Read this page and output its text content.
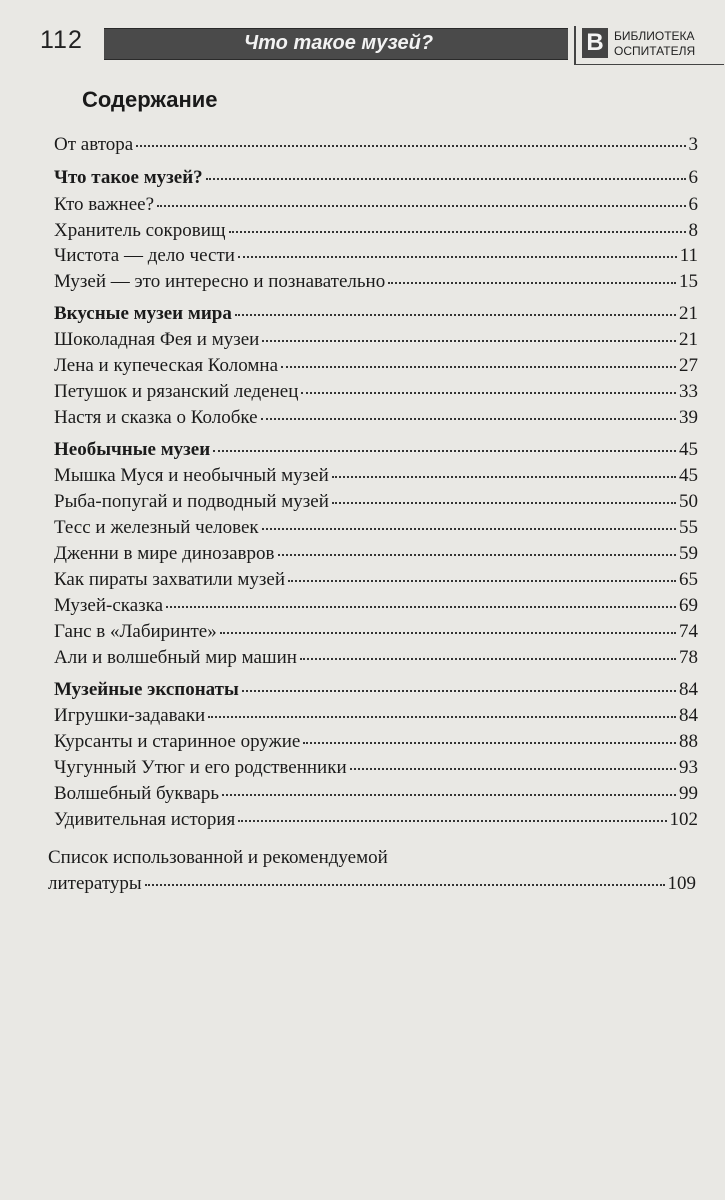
112	Что такое музей?	В БИБЛИОТЕКА
ОСПИТАТЕЛЯ
Содержание
От автора	3
Что такое музей?	6
Кто важнее?	6
Хранитель сокровищ	8
Чистота — дело чести	11
Музей — это интересно и познавательно	15
Вкусные музеи мира	21
Шоколадная Фея и музеи	21
Лена и купеческая Коломна	27
Петушок и рязанский леденец	33
Настя и сказка о Колобке	39
Необычные музеи	45
Мышка Муся и необычный музей	45
Рыба-попугай и подводный музей	50
Тесс и железный человек	55
Дженни в мире динозавров	59
Как пираты захватили музей	65
Музей-сказка	69
Ганс в «Лабиринте»	74
Али и волшебный мир машин	78
Музейные экспонаты	84
Игрушки-задаваки	84
Курсанты и старинное оружие	88
Чугунный Утюг и его родственники	93
Волшебный букварь	99
Удивительная история	102
Список использованной и рекомендуемой
литературы	109
